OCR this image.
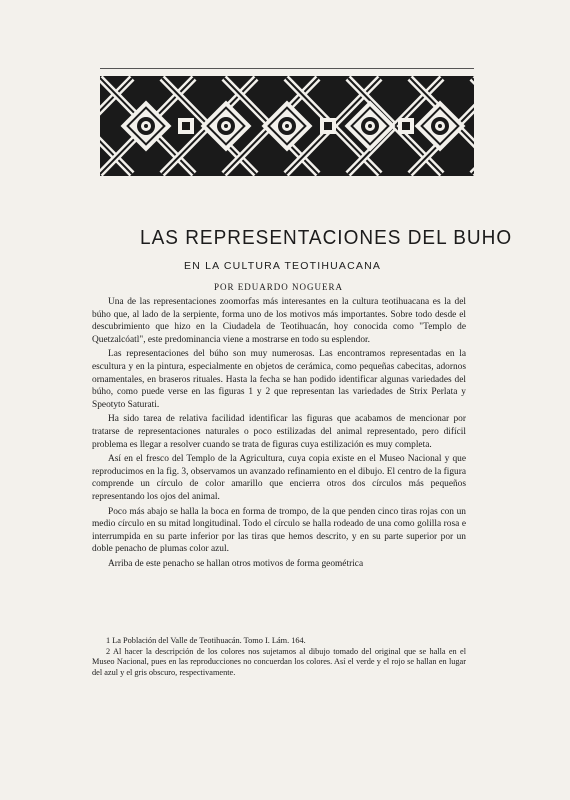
LAS REPRESENTACIONES DEL BUHO
EN LA CULTURA TEOTIHUACANA
POR EDUARDO NOGUERA

Una de las representaciones zoomorfas más interesantes en la cultura teotihuacana es la del búho que, al lado de la serpiente, forma uno de los motivos más importantes. Sobre todo desde el descubrimiento que hizo en la Ciudadela de Teotihuacán, hoy conocida como "Templo de Quetzalcóatl", este predominancia viene a mostrarse en todo su esplendor.

Las representaciones del búho son muy numerosas. Las encontramos representadas en la escultura y en la pintura, especialmente en objetos de cerámica, como pequeñas cabecitas, adornos ornamentales, en braseros rituales. Hasta la fecha se han podido identificar algunas variedades del búho, como puede verse en las figuras 1 y 2 que representan las variedades de Strix Perlata y Speotyto Saturati.

Ha sido tarea de relativa facilidad identificar las figuras que acabamos de mencionar por tratarse de representaciones naturales o poco estilizadas del animal representado, pero difícil problema es llegar a resolver cuando se trata de figuras cuya estilización es muy completa.

Así en el fresco del Templo de la Agricultura, cuya copia existe en el Museo Nacional y que reproducimos en la fig. 3, observamos un avanzado refinamiento en el dibujo. El centro de la figura comprende un círculo de color amarillo que encierra otros dos círculos más pequeños representando los ojos del animal.

Poco más abajo se halla la boca en forma de trompo, de la que penden cinco tiras rojas con un medio círculo en su mitad longitudinal. Todo el círculo se halla rodeado de una como golilla rosa e interrumpida en su parte inferior por las tiras que hemos descrito, y en su parte superior por un doble penacho de plumas color azul.

Arriba de este penacho se hallan otros motivos de forma geométrica

1 La Población del Valle de Teotihuacán. Tomo I. Lám. 164.

2 Al hacer la descripción de los colores nos sujetamos al dibujo tomado del original que se halla en el Museo Nacional, pues en las reproducciones no concuerdan los colores. Así el verde y el rojo se hallan en lugar del azul y el gris obscuro, respectivamente.
